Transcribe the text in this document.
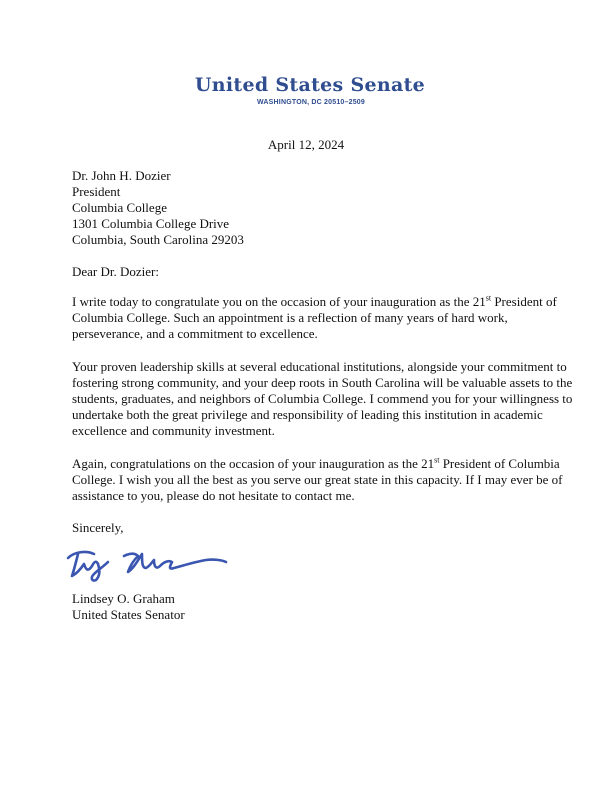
United States Senate
WASHINGTON, DC 20510–2509
April 12, 2024
Dr. John H. Dozier
President
Columbia College
1301 Columbia College Drive
Columbia, South Carolina 29203
Dear Dr. Dozier:
I write today to congratulate you on the occasion of your inauguration as the 21st President of
Columbia College. Such an appointment is a reflection of many years of hard work,
perseverance, and a commitment to excellence.
Your proven leadership skills at several educational institutions, alongside your commitment to
fostering strong community, and your deep roots in South Carolina will be valuable assets to the
students, graduates, and neighbors of Columbia College. I commend you for your willingness to
undertake both the great privilege and responsibility of leading this institution in academic
excellence and community investment.
Again, congratulations on the occasion of your inauguration as the 21st President of Columbia
College. I wish you all the best as you serve our great state in this capacity. If I may ever be of
assistance to you, please do not hesitate to contact me.
Sincerely,
Lindsey O. Graham
United States Senator
